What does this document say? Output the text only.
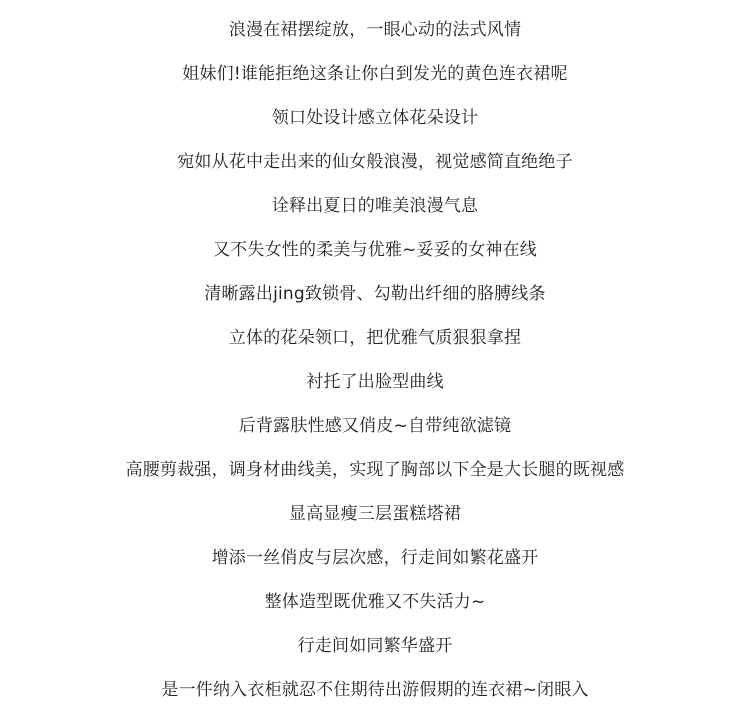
浪漫在裙摆绽放，一眼心动的法式风情
姐妹们!谁能拒绝这条让你白到发光的黄色连衣裙呢
领口处设计感立体花朵设计
宛如从花中走出来的仙女般浪漫，视觉感简直绝绝子
诠释出夏日的唯美浪漫气息
又不失女性的柔美与优雅~妥妥的女神在线
清晰露出jing致锁骨、勾勒出纤细的胳膊线条
立体的花朵领口，把优雅气质狠狠拿捏
衬托了出脸型曲线
后背露肤性感又俏皮~自带纯欲滤镜
高腰剪裁强，调身材曲线美，实现了胸部以下全是大长腿的既视感
显高显瘦三层蛋糕塔裙
增添一丝俏皮与层次感，行走间如繁花盛开
整体造型既优雅又不失活力~
行走间如同繁华盛开
是一件纳入衣柜就忍不住期待出游假期的连衣裙~闭眼入
